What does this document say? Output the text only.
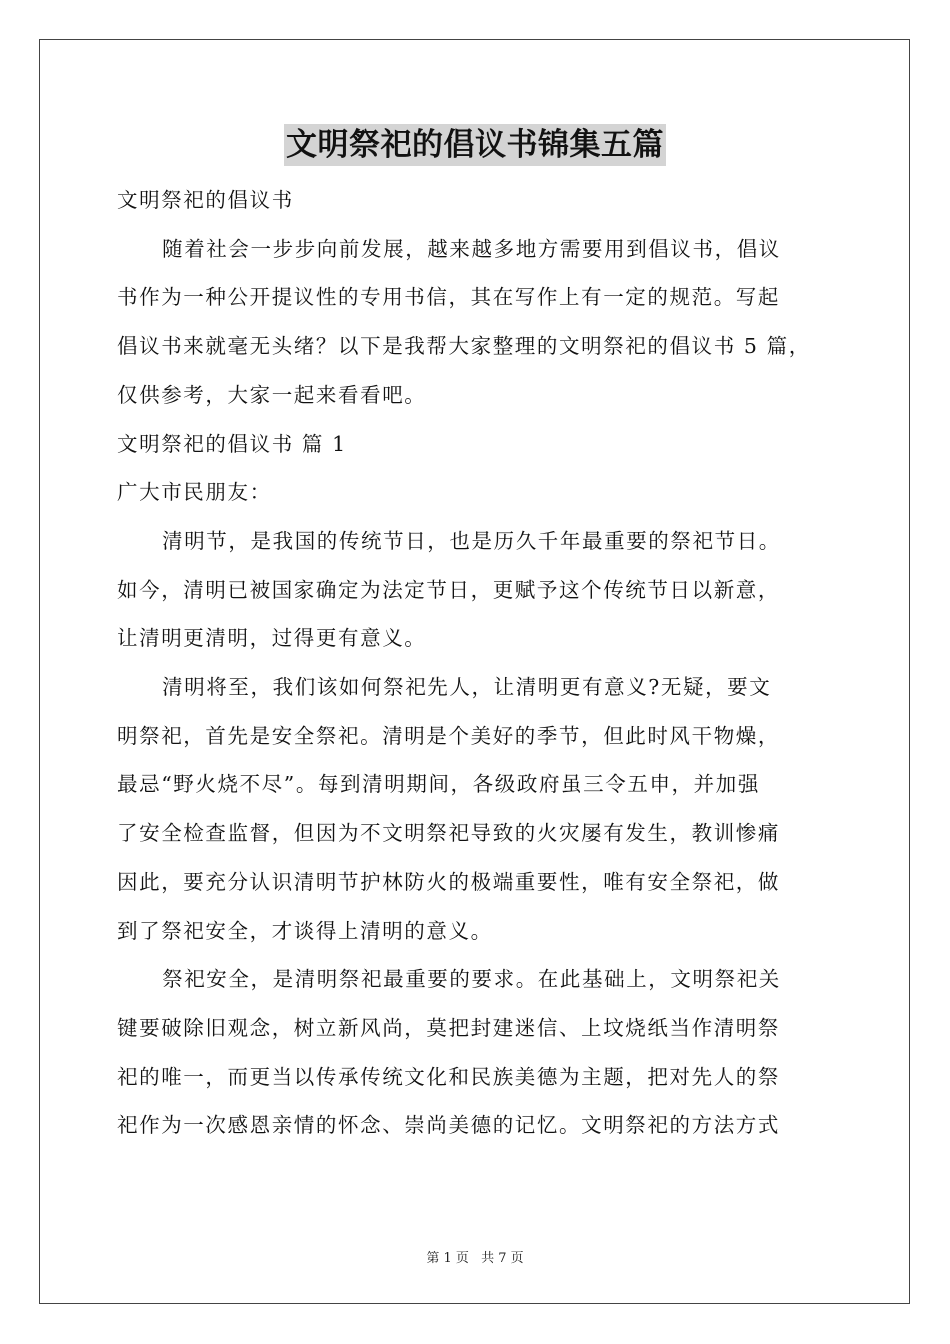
文明祭祀的倡议书锦集五篇

文明祭祀的倡议书

随着社会一步步向前发展，越来越多地方需要用到倡议书，倡议

书作为一种公开提议性的专用书信，其在写作上有一定的规范。写起

倡议书来就毫无头绪？以下是我帮大家整理的文明祭祀的倡议书 5 篇，

仅供参考，大家一起来看看吧。

文明祭祀的倡议书 篇 1

广大市民朋友：

清明节，是我国的传统节日，也是历久千年最重要的祭祀节日。

如今，清明已被国家确定为法定节日，更赋予这个传统节日以新意，

让清明更清明，过得更有意义。

清明将至，我们该如何祭祀先人，让清明更有意义?无疑，要文

明祭祀，首先是安全祭祀。清明是个美好的季节，但此时风干物燥，

最忌“野火烧不尽”。每到清明期间，各级政府虽三令五申，并加强

了安全检查监督，但因为不文明祭祀导致的火灾屡有发生，教训惨痛

因此，要充分认识清明节护林防火的极端重要性，唯有安全祭祀，做

到了祭祀安全，才谈得上清明的意义。

祭祀安全，是清明祭祀最重要的要求。在此基础上，文明祭祀关

键要破除旧观念，树立新风尚，莫把封建迷信、上坟烧纸当作清明祭

祀的唯一，而更当以传承传统文化和民族美德为主题，把对先人的祭

祀作为一次感恩亲情的怀念、崇尚美德的记忆。文明祭祀的方法方式

第 1 页 共 7 页
